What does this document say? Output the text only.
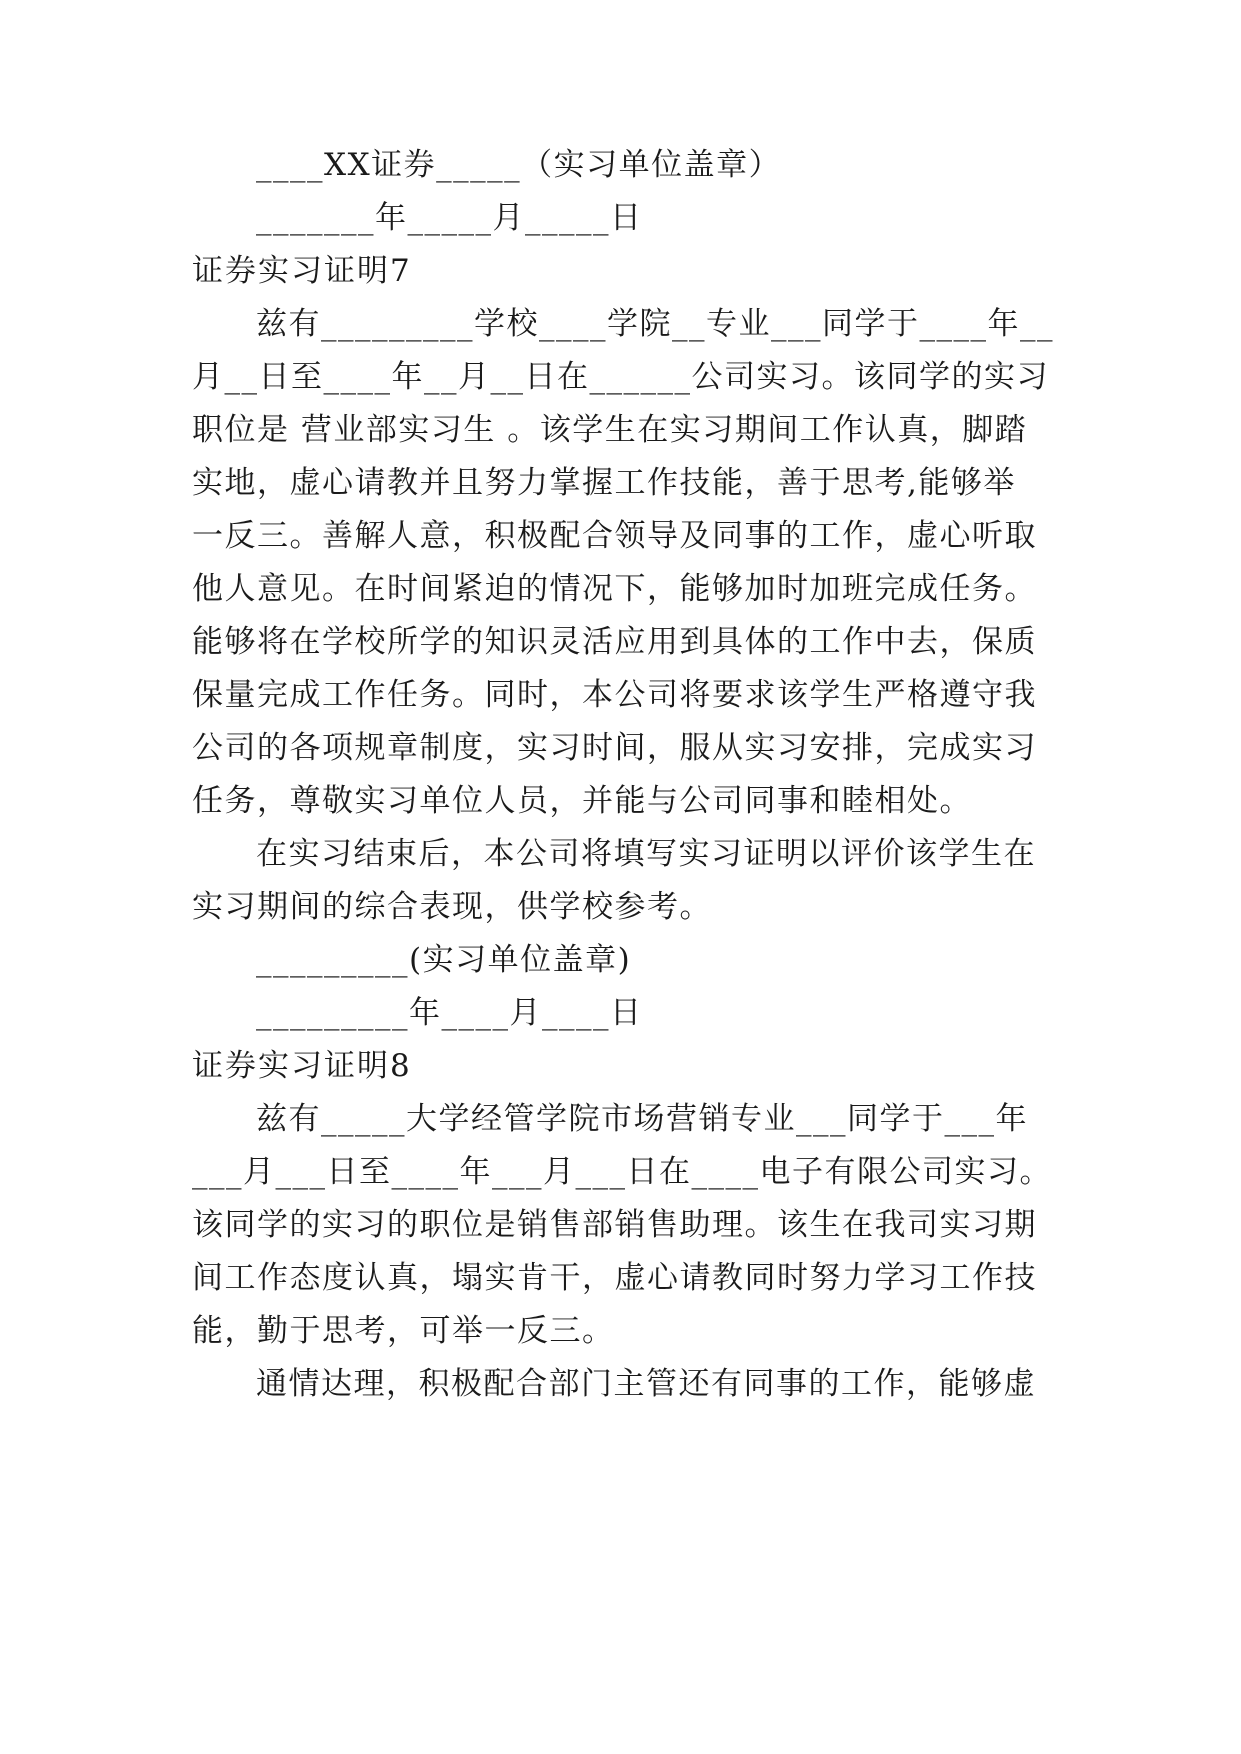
____XX证券_____（实习单位盖章）
_______年_____月_____日
证券实习证明7
兹有_________学校____学院__专业___同学于____年__
月__日至____年__月__日在______公司实习。该同学的实习
职位是 营业部实习生 。该学生在实习期间工作认真，脚踏
实地，虚心请教并且努力掌握工作技能，善于思考,能够举
一反三。善解人意，积极配合领导及同事的工作，虚心听取
他人意见。在时间紧迫的情况下，能够加时加班完成任务。
能够将在学校所学的知识灵活应用到具体的工作中去，保质
保量完成工作任务。同时，本公司将要求该学生严格遵守我
公司的各项规章制度，实习时间，服从实习安排，完成实习
任务，尊敬实习单位人员，并能与公司同事和睦相处。
在实习结束后，本公司将填写实习证明以评价该学生在
实习期间的综合表现，供学校参考。
_________(实习单位盖章)
_________年____月____日
证券实习证明8
兹有_____大学经管学院市场营销专业___同学于___年
___月___日至____年___月___日在____电子有限公司实习。
该同学的实习的职位是销售部销售助理。该生在我司实习期
间工作态度认真，塌实肯干，虚心请教同时努力学习工作技
能，勤于思考，可举一反三。
通情达理，积极配合部门主管还有同事的工作，能够虚
